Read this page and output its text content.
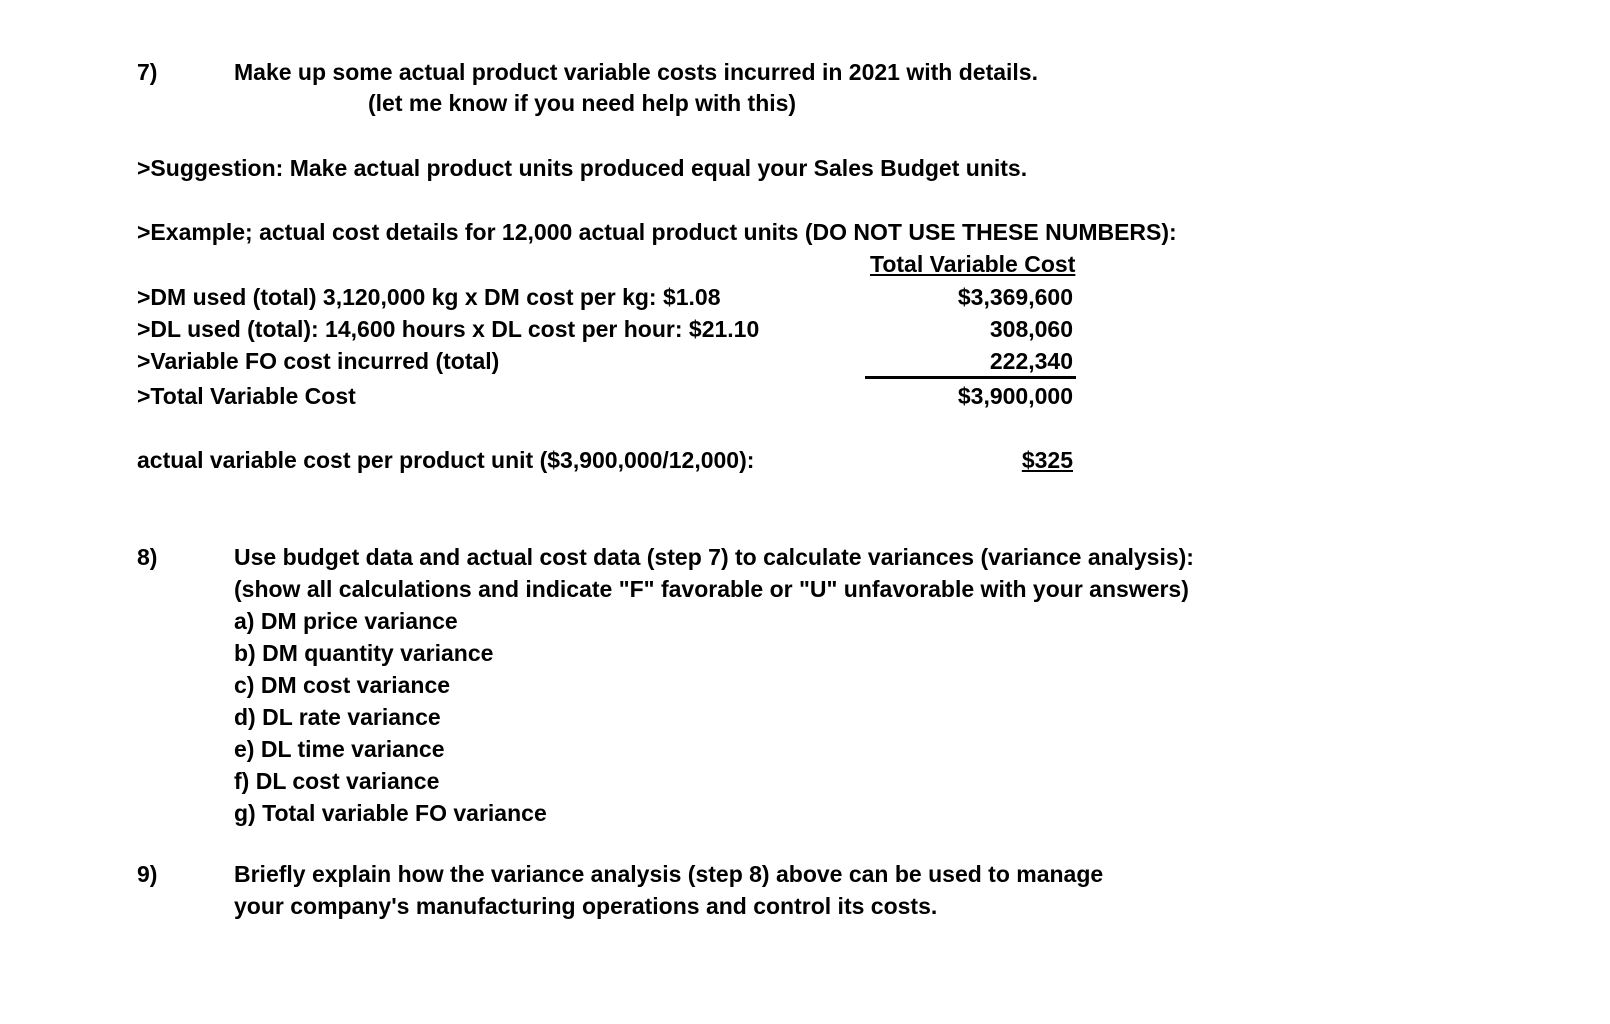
7)	Make up some actual product variable costs incurred in 2021 with details.
(let me know if you need help with this)
>Suggestion: Make actual product units produced equal your Sales Budget units.
>Example; actual cost details for 12,000 actual product units (DO NOT USE THESE NUMBERS):
Total Variable Cost
>DM used (total) 3,120,000 kg x DM cost per kg: $1.08	$3,369,600
>DL used (total): 14,600 hours x DL cost per hour: $21.10	308,060
>Variable FO cost incurred (total)	222,340
>Total Variable Cost	$3,900,000
actual variable cost per product unit ($3,900,000/12,000):	$325
8)	Use budget data and actual cost data (step 7) to calculate variances (variance analysis):
(show all calculations and indicate "F" favorable or "U" unfavorable with your answers)
a) DM price variance
b) DM quantity variance
c) DM cost variance
d) DL rate variance
e) DL time variance
f) DL cost variance
g) Total variable FO variance
9)	Briefly explain how the variance analysis (step 8) above can be used to manage
your company's manufacturing operations and control its costs.
